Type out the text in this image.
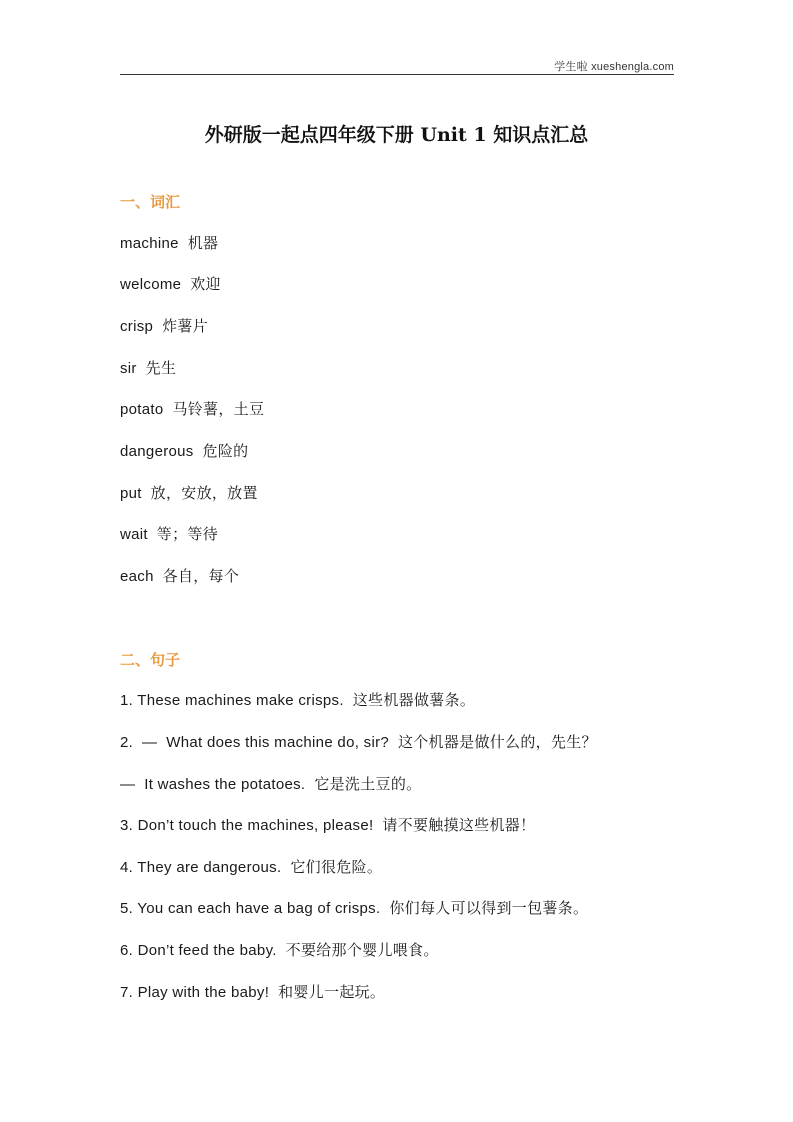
学生啦 xueshengla.com
外研版一起点四年级下册 Unit 1 知识点汇总
一、词汇
machine  机器
welcome  欢迎
crisp  炸薯片
sir  先生
potato  马铃薯，土豆
dangerous  危险的
put  放，安放，放置
wait  等；等待
each  各自，每个
二、句子
1. These machines make crisps.  这些机器做薯条。
2.  —  What does this machine do, sir?  这个机器是做什么的，先生？
—  It washes the potatoes.  它是洗土豆的。
3. Don’t touch the machines, please!  请不要触摸这些机器！
4. They are dangerous.  它们很危险。
5. You can each have a bag of crisps.  你们每人可以得到一包薯条。
6. Don’t feed the baby.  不要给那个婴儿喂食。
7. Play with the baby!  和婴儿一起玩。
